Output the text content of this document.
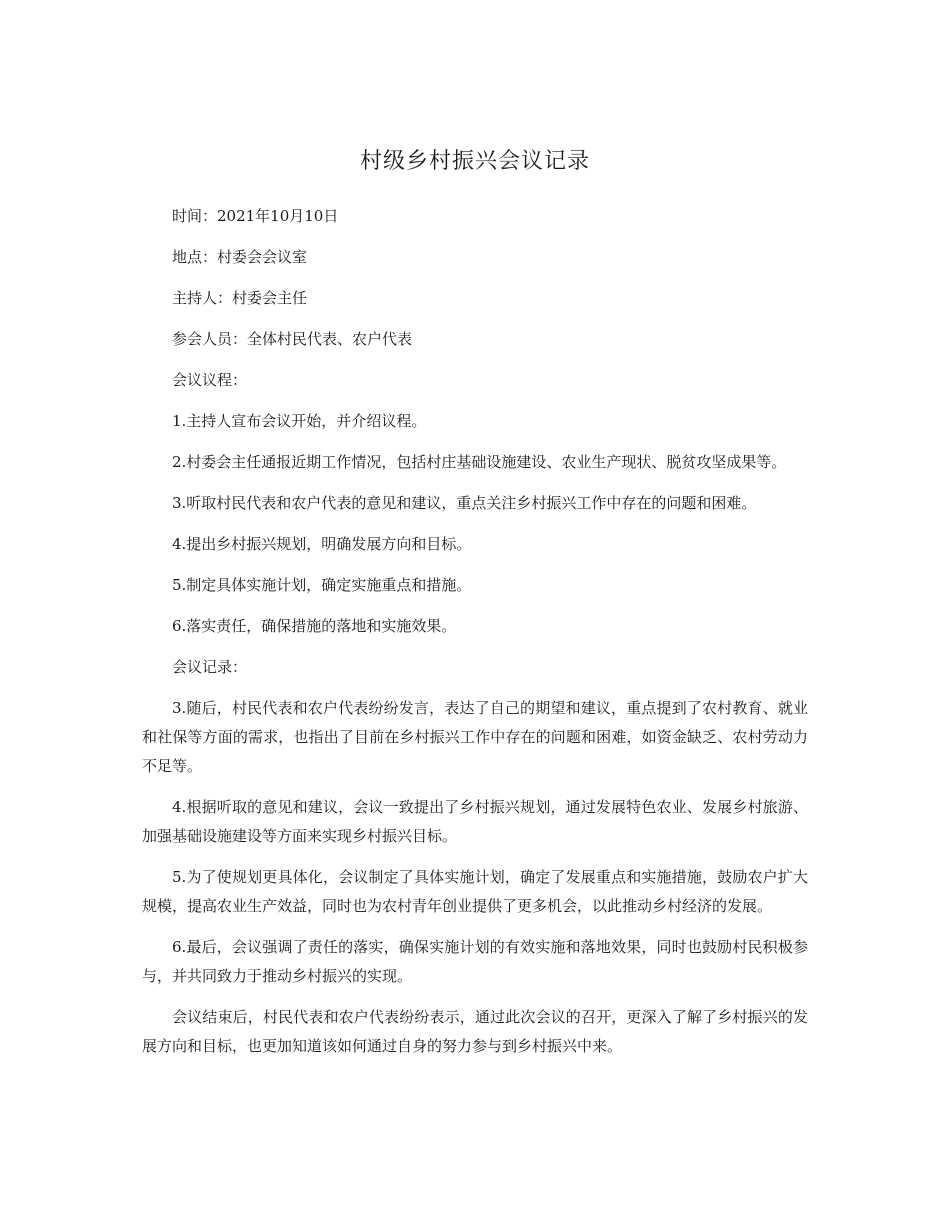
村级乡村振兴会议记录

时间：2021年10月10日

地点：村委会会议室

主持人：村委会主任

参会人员：全体村民代表、农户代表

会议议程：

1.主持人宣布会议开始，并介绍议程。

2.村委会主任通报近期工作情况，包括村庄基础设施建设、农业生产现状、脱贫攻坚成果等。

3.听取村民代表和农户代表的意见和建议，重点关注乡村振兴工作中存在的问题和困难。

4.提出乡村振兴规划，明确发展方向和目标。

5.制定具体实施计划，确定实施重点和措施。

6.落实责任，确保措施的落地和实施效果。

会议记录：

3.随后，村民代表和农户代表纷纷发言，表达了自己的期望和建议，重点提到了农村教育、就业和社保等方面的需求，也指出了目前在乡村振兴工作中存在的问题和困难，如资金缺乏、农村劳动力不足等。

4.根据听取的意见和建议，会议一致提出了乡村振兴规划，通过发展特色农业、发展乡村旅游、加强基础设施建设等方面来实现乡村振兴目标。

5.为了使规划更具体化，会议制定了具体实施计划，确定了发展重点和实施措施，鼓励农户扩大规模，提高农业生产效益，同时也为农村青年创业提供了更多机会，以此推动乡村经济的发展。

6.最后，会议强调了责任的落实，确保实施计划的有效实施和落地效果，同时也鼓励村民积极参与，并共同致力于推动乡村振兴的实现。

会议结束后，村民代表和农户代表纷纷表示，通过此次会议的召开，更深入了解了乡村振兴的发展方向和目标，也更加知道该如何通过自身的努力参与到乡村振兴中来。
